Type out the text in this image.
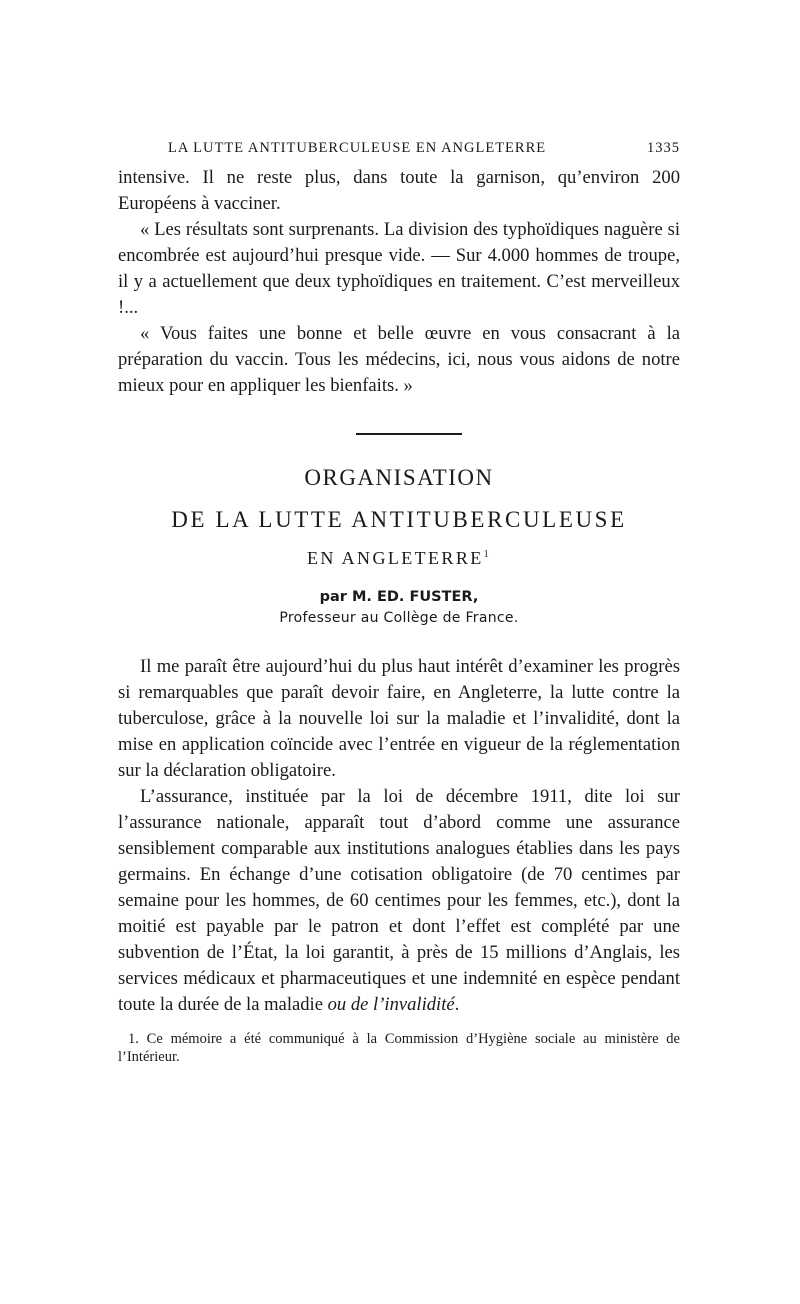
LA LUTTE ANTITUBERCULEUSE EN ANGLETERRE	1335

intensive. Il ne reste plus, dans toute la garnison, qu’environ 200 Européens à vacciner.

« Les résultats sont surprenants. La division des typhoïdiques naguère si encombrée est aujourd’hui presque vide. — Sur 4.000 hommes de troupe, il y a actuellement que deux typhoïdiques en traitement. C’est merveilleux !...

« Vous faites une bonne et belle œuvre en vous consacrant à la préparation du vaccin. Tous les médecins, ici, nous vous aidons de notre mieux pour en appliquer les bienfaits. »

ORGANISATION

DE LA LUTTE ANTITUBERCULEUSE

EN ANGLETERRE$^1$

par M. ED. FUSTER,

Professeur au Collège de France.

Il me paraît être aujourd’hui du plus haut intérêt d’examiner les progrès si remarquables que paraît devoir faire, en Angleterre, la lutte contre la tuberculose, grâce à la nouvelle loi sur la maladie et l’invalidité, dont la mise en application coïncide avec l’entrée en vigueur de la réglementation sur la déclaration obligatoire.

L’assurance, instituée par la loi de décembre 1911, dite loi sur l’assurance nationale, apparaît tout d’abord comme une assurance sensiblement comparable aux institutions analogues établies dans les pays germains. En échange d’une cotisation obligatoire (de 70 centimes par semaine pour les hommes, de 60 centimes pour les femmes, etc.), dont la moitié est payable par le patron et dont l’effet est complété par une subvention de l’État, la loi garantit, à près de 15 millions d’Anglais, les services médicaux et pharmaceutiques et une indemnité en espèce pendant toute la durée de la maladie ou de l’invalidité.

1. Ce mémoire a été communiqué à la Commission d’Hygiène sociale au ministère de l’Intérieur.
